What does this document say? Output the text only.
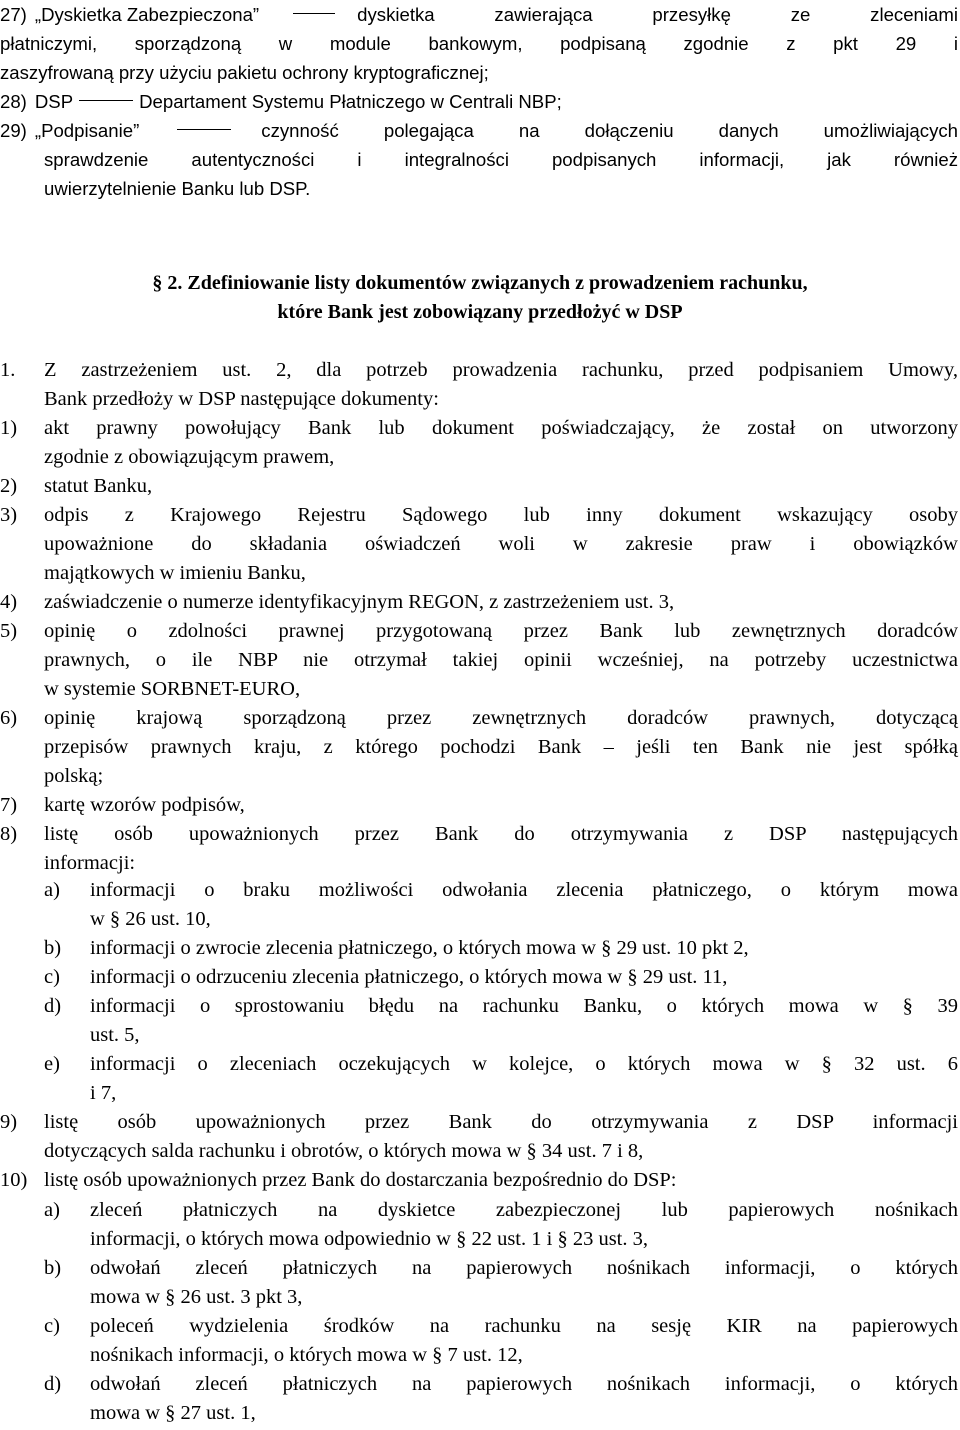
27) „Dyskietka Zabezpieczona”	dyskietka zawierająca przesyłkę ze zleceniami
płatniczymi, sporządzoną w module bankowym, podpisaną zgodnie z pkt 29 i
zaszyfrowaną przy użyciu pakietu ochrony kryptograficznej;
28) DSP	Departament Systemu Płatniczego w Centrali NBP;
29) „Podpisanie”	czynność polegająca na dołączeniu danych umożliwiających
sprawdzenie autentyczności i integralności podpisanych informacji, jak również
uwierzytelnienie Banku lub DSP.
§ 2. Zdefiniowanie listy dokumentów związanych z prowadzeniem rachunku,
które Bank jest zobowiązany przedłożyć w DSP
1.	Z zastrzeżeniem ust. 2, dla potrzeb prowadzenia rachunku, przed podpisaniem Umowy,
Bank przedłoży w DSP następujące dokumenty:
1) akt prawny powołujący Bank lub dokument poświadczający, że został on utworzony
zgodnie z obowiązującym prawem,
2) statut Banku,
3) odpis z Krajowego Rejestru Sądowego lub inny dokument wskazujący osoby
upoważnione do składania oświadczeń woli w zakresie praw i obowiązków
majątkowych w imieniu Banku,
4) zaświadczenie o numerze identyfikacyjnym REGON, z zastrzeżeniem ust. 3,
5) opinię o zdolności prawnej przygotowaną przez Bank lub zewnętrznych doradców
prawnych, o ile NBP nie otrzymał takiej opinii wcześniej, na potrzeby uczestnictwa
w systemie SORBNET-EURO,
6) opinię krajową sporządzoną przez zewnętrznych doradców prawnych, dotyczącą
przepisów prawnych kraju, z którego pochodzi Bank – jeśli ten Bank nie jest spółką
polską;
7) kartę wzorów podpisów,
8) listę osób upoważnionych przez Bank do otrzymywania z DSP następujących
informacji:
a) informacji o braku możliwości odwołania zlecenia płatniczego, o którym mowa
w § 26 ust. 10,
b) informacji o zwrocie zlecenia płatniczego, o których mowa w § 29 ust. 10 pkt 2,
c) informacji o odrzuceniu zlecenia płatniczego, o których mowa w § 29 ust. 11,
d) informacji o sprostowaniu błędu na rachunku Banku, o których mowa w § 39
ust. 5,
e) informacji o zleceniach oczekujących w kolejce, o których mowa w § 32 ust. 6
i 7,
9) listę osób upoważnionych przez Bank do otrzymywania z DSP informacji
dotyczących salda rachunku i obrotów, o których mowa w § 34 ust. 7 i 8,
10) listę osób upoważnionych przez Bank do dostarczania bezpośrednio do DSP:
a) zleceń płatniczych na dyskietce zabezpieczonej lub papierowych nośnikach
informacji, o których mowa odpowiednio w § 22 ust. 1 i § 23 ust. 3,
b) odwołań zleceń płatniczych na papierowych nośnikach informacji, o których
mowa w § 26 ust. 3 pkt 3,
c) poleceń wydzielenia środków na rachunku na sesję KIR na papierowych
nośnikach informacji, o których mowa w § 7 ust. 12,
d) odwołań zleceń płatniczych na papierowych nośnikach informacji, o których
mowa w § 27 ust. 1,
